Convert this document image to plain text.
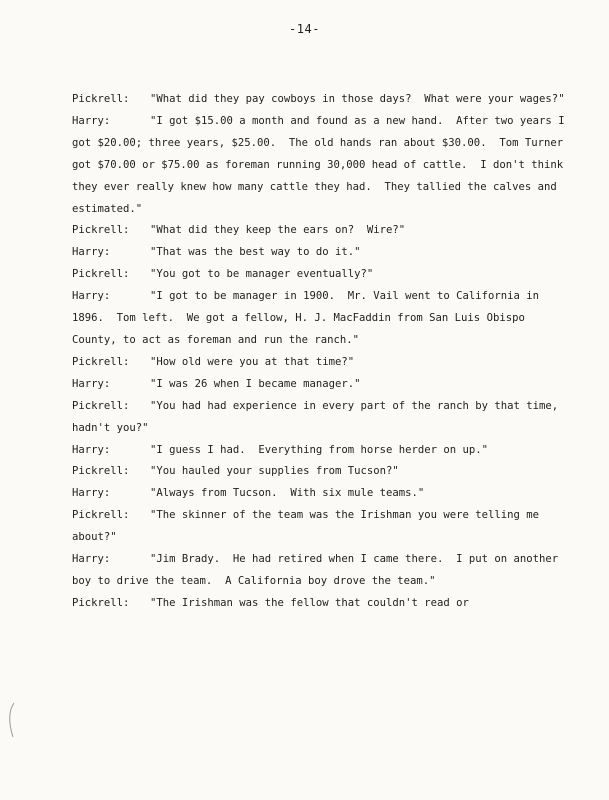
-14-

Pickrell: "What did they pay cowboys in those days?  What were your wages?"

Harry:	"I got $15.00 a month and found as a new hand.  After two years I got $20.00; three years, $25.00.  The old hands ran about $30.00.  Tom Turner got $70.00 or $75.00 as foreman running 30,000 head of cattle.  I don't think they ever really knew how many cattle they had.  They tallied the calves and estimated."

Pickrell: "What did they keep the ears on?  Wire?"

Harry:	"That was the best way to do it."

Pickrell: "You got to be manager eventually?"

Harry:	"I got to be manager in 1900.  Mr. Vail went to California in 1896.  Tom left.  We got a fellow, H. J. MacFaddin from San Luis Obispo County, to act as foreman and run the ranch."

Pickrell: "How old were you at that time?"

Harry:	"I was 26 when I became manager."

Pickrell: "You had had experience in every part of the ranch by that time, hadn't you?"

Harry:	"I guess I had.  Everything from horse herder on up."

Pickrell: "You hauled your supplies from Tucson?"

Harry:	"Always from Tucson.  With six mule teams."

Pickrell: "The skinner of the team was the Irishman you were telling me about?"

Harry:	"Jim Brady.  He had retired when I came there.  I put on another boy to drive the team.  A California boy drove the team."

Pickrell: "The Irishman was the fellow that couldn't read or
